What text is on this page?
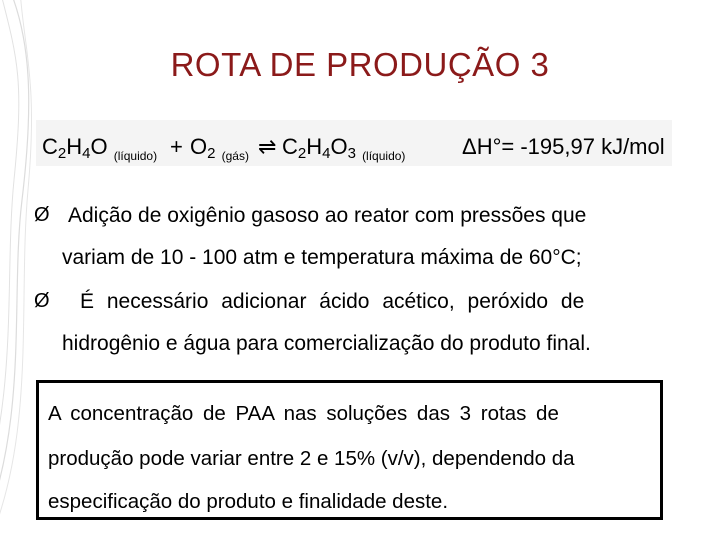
ROTA DE PRODUÇÃO 3
$C_2H_4O$ $_{(líquido)} + O_2$ $_{(gás)}$ ⇌ $C_2H_4O_3$ $_{(líquido)}$	ΔH°= -195,97 kJ/mol
Ø Adição de oxigênio gasoso ao reator com pressões que
variam de 10 - 100 atm e temperatura máxima de 60°C;
Ø É necessário adicionar ácido acético, peróxido de
hidrogênio e água para comercialização do produto final.
A concentração de PAA nas soluções das 3 rotas de
produção pode variar entre 2 e 15% (v/v), dependendo da
especificação do produto e finalidade deste.
